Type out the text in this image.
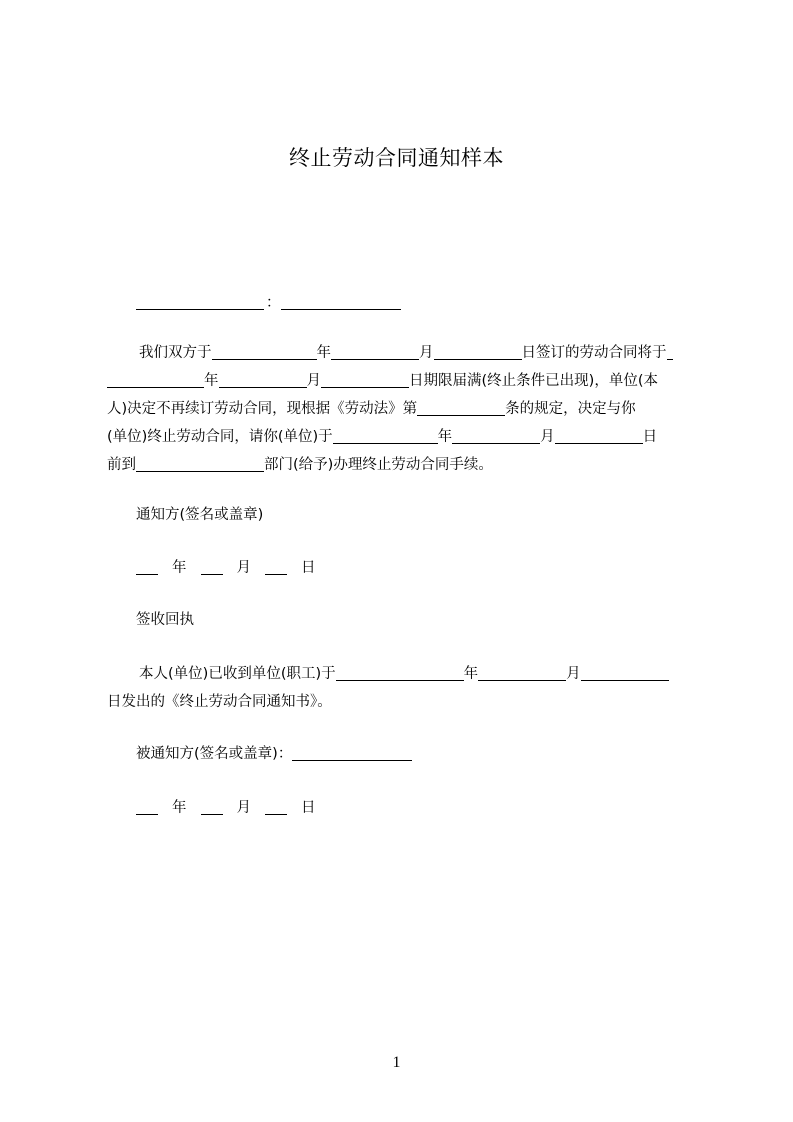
终止劳动合同通知样本
：
我们双方于	年	月	日签订的劳动合同将于
年	月	日期限届满(终止条件已出现)，单位(本
人)决定不再续订劳动合同，现根据《劳动法》第	条的规定，决定与你
(单位)终止劳动合同，请你(单位)于	年	月	日
前到	部门(给予)办理终止劳动合同手续。
通知方(签名或盖章)
年	月	日
签收回执
本人(单位)已收到单位(职工)于	年	月
日发出的《终止劳动合同通知书》。
被通知方(签名或盖章)：
年	月	日
1
